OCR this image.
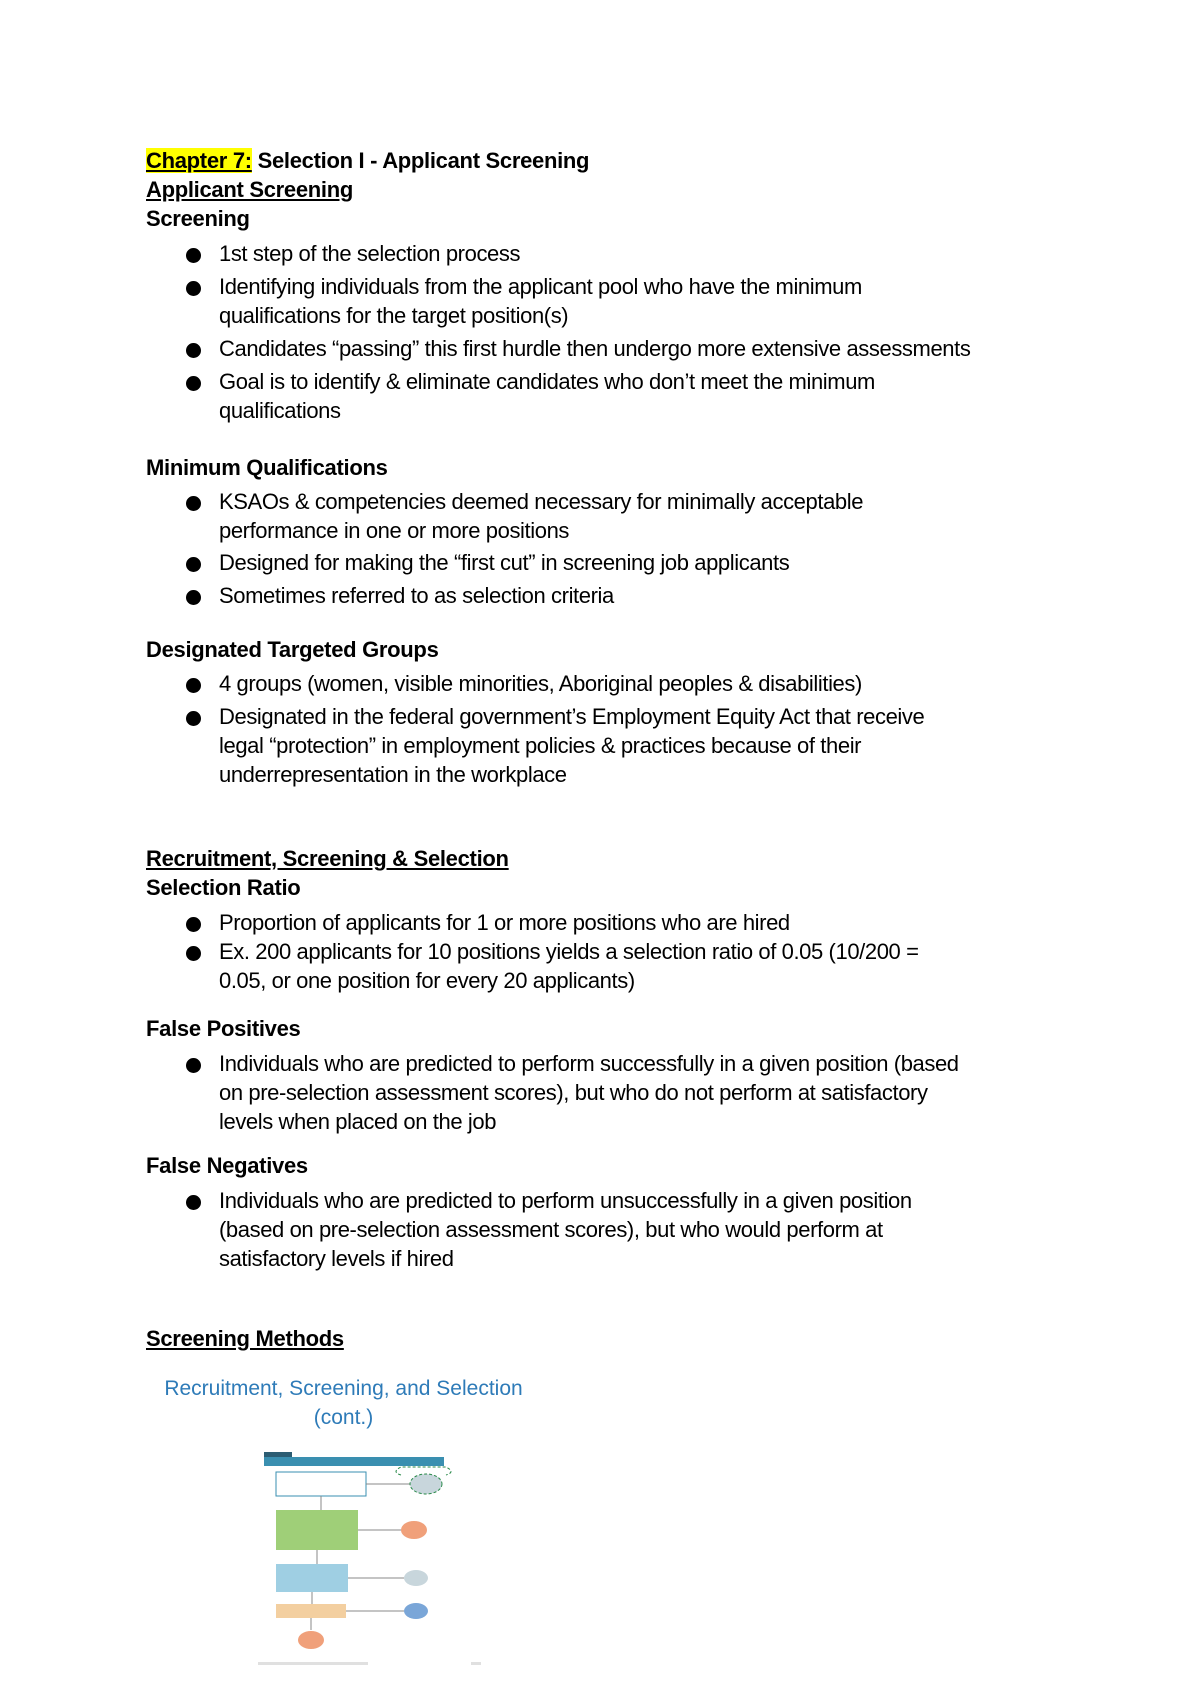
Chapter 7: Selection I - Applicant Screening
Applicant Screening
Screening
1st step of the selection process
Identifying individuals from the applicant pool who have the minimum
qualifications for the target position(s)
Candidates “passing” this first hurdle then undergo more extensive assessments
Goal is to identify & eliminate candidates who don’t meet the minimum
qualifications
Minimum Qualifications
KSAOs & competencies deemed necessary for minimally acceptable
performance in one or more positions
Designed for making the “first cut” in screening job applicants
Sometimes referred to as selection criteria
Designated Targeted Groups
4 groups (women, visible minorities, Aboriginal peoples & disabilities)
Designated in the federal government’s Employment Equity Act that receive
legal “protection” in employment policies & practices because of their
underrepresentation in the workplace
Recruitment, Screening & Selection
Selection Ratio
Proportion of applicants for 1 or more positions who are hired
Ex. 200 applicants for 10 positions yields a selection ratio of 0.05 (10/200 =
0.05, or one position for every 20 applicants)
False Positives
Individuals who are predicted to perform successfully in a given position (based
on pre-selection assessment scores), but who do not perform at satisfactory
levels when placed on the job
False Negatives
Individuals who are predicted to perform unsuccessfully in a given position
(based on pre-selection assessment scores), but who would perform at
satisfactory levels if hired
Screening Methods
Recruitment, Screening, and Selection
(cont.)
